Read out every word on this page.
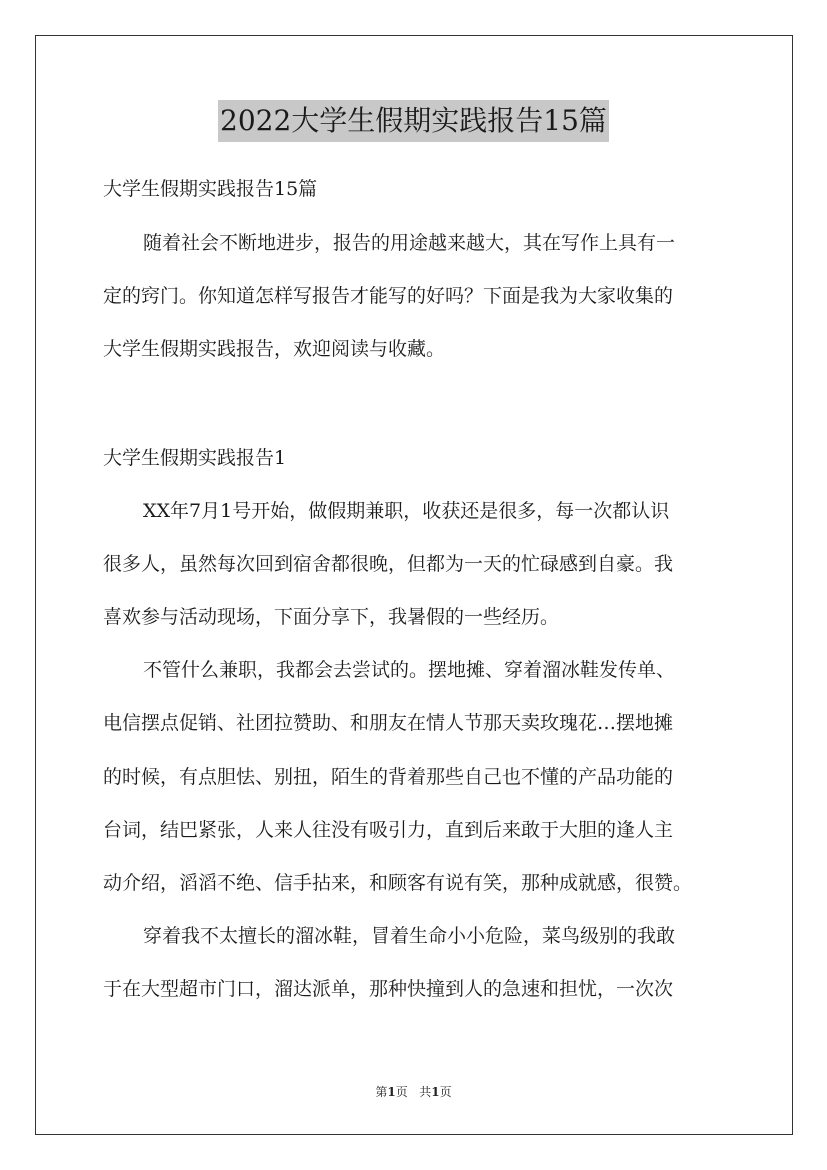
2022大学生假期实践报告15篇
大学生假期实践报告15篇
随着社会不断地进步，报告的用途越来越大，其在写作上具有一
定的窍门。你知道怎样写报告才能写的好吗？下面是我为大家收集的
大学生假期实践报告，欢迎阅读与收藏。
大学生假期实践报告1
XX年7月1号开始，做假期兼职，收获还是很多，每一次都认识
很多人，虽然每次回到宿舍都很晚，但都为一天的忙碌感到自豪。我
喜欢参与活动现场，下面分享下，我暑假的一些经历。
不管什么兼职，我都会去尝试的。摆地摊、穿着溜冰鞋发传单、
电信摆点促销、社团拉赞助、和朋友在情人节那天卖玫瑰花…摆地摊
的时候，有点胆怯、别扭，陌生的背着那些自己也不懂的产品功能的
台词，结巴紧张，人来人往没有吸引力，直到后来敢于大胆的逢人主
动介绍，滔滔不绝、信手拈来，和顾客有说有笑，那种成就感，很赞。
穿着我不太擅长的溜冰鞋，冒着生命小小危险，菜鸟级别的我敢
于在大型超市门口，溜达派单，那种快撞到人的急速和担忧，一次次
第1页 共1页
